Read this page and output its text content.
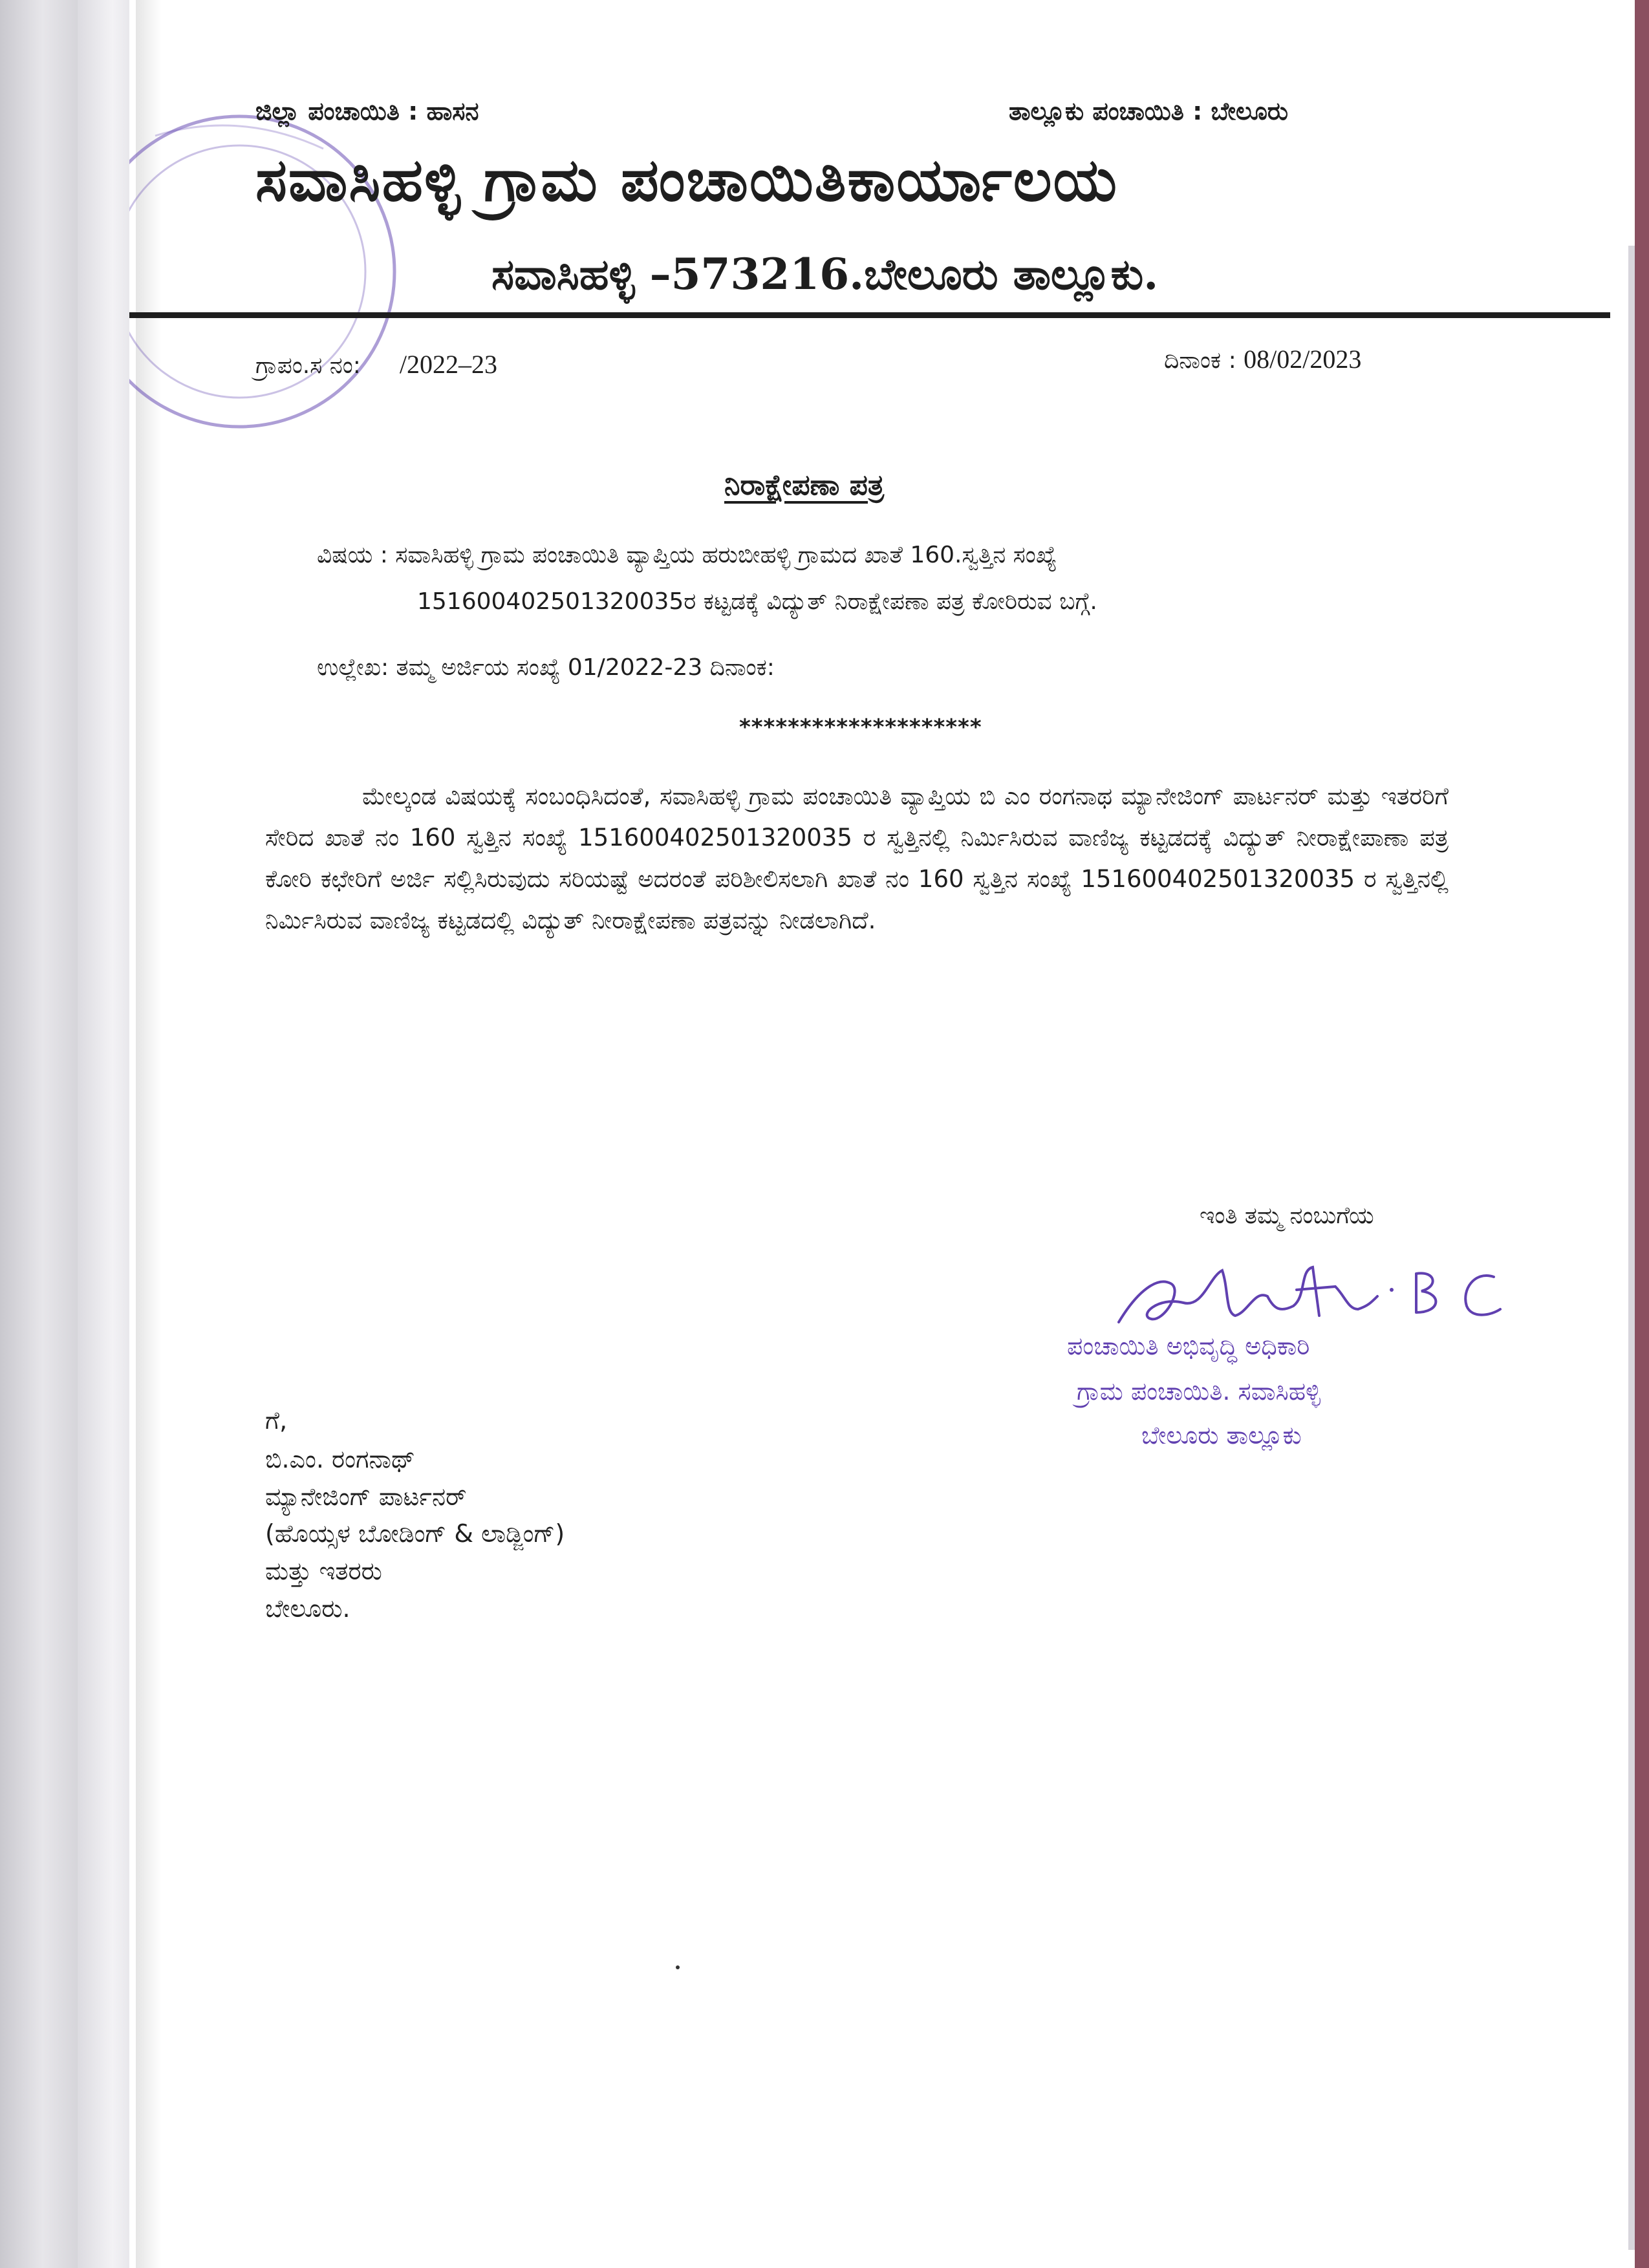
ಜಿಲ್ಲಾ ಪಂಚಾಯಿತಿ : ಹಾಸನ	ತಾಲ್ಲೂಕು ಪಂಚಾಯಿತಿ : ಬೇಲೂರು
ಸವಾಸಿಹಳ್ಳಿ ಗ್ರಾಮ ಪಂಚಾಯಿತಿಕಾರ್ಯಾಲಯ
ಸವಾಸಿಹಳ್ಳಿ –573216.ಬೇಲೂರು ತಾಲ್ಲೂಕು.
ಗ್ರಾಪಂ.ಸ ನಂ: /2022–23	ದಿನಾಂಕ : 08/02/2023
ನಿರಾಕ್ಷೇಪಣಾ ಪತ್ರ
ವಿಷಯ : ಸವಾಸಿಹಳ್ಳಿ ಗ್ರಾಮ ಪಂಚಾಯಿತಿ ವ್ಯಾಪ್ತಿಯ ಹರುಬೀಹಳ್ಳಿ ಗ್ರಾಮದ ಖಾತೆ 160.ಸ್ವತ್ತಿನ ಸಂಖ್ಯೆ
151600402501320035ರ ಕಟ್ಟಡಕ್ಕೆ ವಿದ್ಯುತ್ ನಿರಾಕ್ಷೇಪಣಾ ಪತ್ರ ಕೋರಿರುವ ಬಗ್ಗೆ.
ಉಲ್ಲೇಖ: ತಮ್ಮ ಅರ್ಜಿಯ ಸಂಖ್ಯೆ 01/2022-23 ದಿನಾಂಕ:
********************
ಮೇಲ್ಕಂಡ ವಿಷಯಕ್ಕೆ ಸಂಬಂಧಿಸಿದಂತೆ, ಸವಾಸಿಹಳ್ಳಿ ಗ್ರಾಮ ಪಂಚಾಯಿತಿ ವ್ಯಾಪ್ತಿಯ ಬಿ ಎಂ ರಂಗನಾಥ ಮ್ಯಾನೇಜಿಂಗ್ ಪಾರ್ಟನರ್ ಮತ್ತು ಇತರರಿಗೆ ಸೇರಿದ ಖಾತೆ ನಂ 160 ಸ್ವತ್ತಿನ ಸಂಖ್ಯೆ 151600402501320035 ರ ಸ್ವತ್ತಿನಲ್ಲಿ ನಿರ್ಮಿಸಿರುವ ವಾಣಿಜ್ಯ ಕಟ್ಟಡದಕ್ಕೆ ವಿದ್ಯುತ್ ನೀರಾಕ್ಷೇಪಾಣಾ ಪತ್ರ ಕೋರಿ ಕಛೇರಿಗೆ ಅರ್ಜಿ ಸಲ್ಲಿಸಿರುವುದು ಸರಿಯಷ್ಟೆ ಅದರಂತೆ ಪರಿಶೀಲಿಸಲಾಗಿ ಖಾತೆ ನಂ 160 ಸ್ವತ್ತಿನ ಸಂಖ್ಯೆ 151600402501320035 ರ ಸ್ವತ್ತಿನಲ್ಲಿ ನಿರ್ಮಿಸಿರುವ ವಾಣಿಜ್ಯ ಕಟ್ಟಡದಲ್ಲಿ ವಿದ್ಯುತ್ ನೀರಾಕ್ಷೇಪಣಾ ಪತ್ರವನ್ನು ನೀಡಲಾಗಿದೆ.
ಇಂತಿ ತಮ್ಮ ನಂಬುಗೆಯ
ಪಂಚಾಯಿತಿ ಅಭಿವೃದ್ಧಿ ಅಧಿಕಾರಿ
ಗ್ರಾಮ ಪಂಚಾಯಿತಿ. ಸವಾಸಿಹಳ್ಳಿ
ಬೇಲೂರು ತಾಲ್ಲೂಕು
ಗೆ,
ಬಿ.ಎಂ. ರಂಗನಾಥ್
ಮ್ಯಾನೇಜಿಂಗ್ ಪಾರ್ಟನರ್
(ಹೊಯ್ಸಳ ಬೋಡಿಂಗ್ & ಲಾಡ್ಜಿಂಗ್)
ಮತ್ತು ಇತರರು
ಬೇಲೂರು.
